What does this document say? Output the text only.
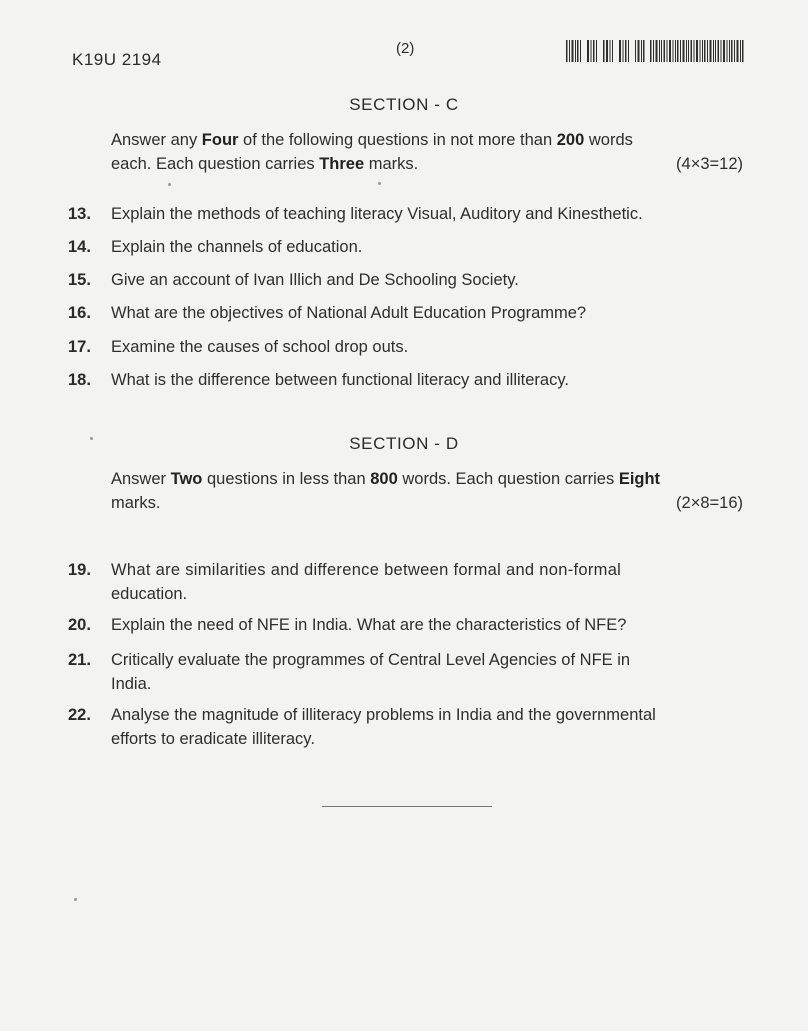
K19U 2194
(2)
SECTION - C
Answer any Four of the following questions in not more than 200 words
each. Each question carries Three marks.	(4×3=12)
13.	Explain the methods of teaching literacy Visual, Auditory and Kinesthetic.
14.	Explain the channels of education.
15.	Give an account of Ivan Illich and De Schooling Society.
16.	What are the objectives of National Adult Education Programme?
17.	Examine the causes of school drop outs.
18.	What is the difference between functional literacy and illiteracy.
SECTION - D
Answer Two questions in less than 800 words. Each question carries Eight
marks.	(2×8=16)
19.	What are similarities and difference between formal and non-formal
education.
20.	Explain the need of NFE in India. What are the characteristics of NFE?
21.	Critically evaluate the programmes of Central Level Agencies of NFE in
India.
22.	Analyse the magnitude of illiteracy problems in India and the governmental
efforts to eradicate illiteracy.
